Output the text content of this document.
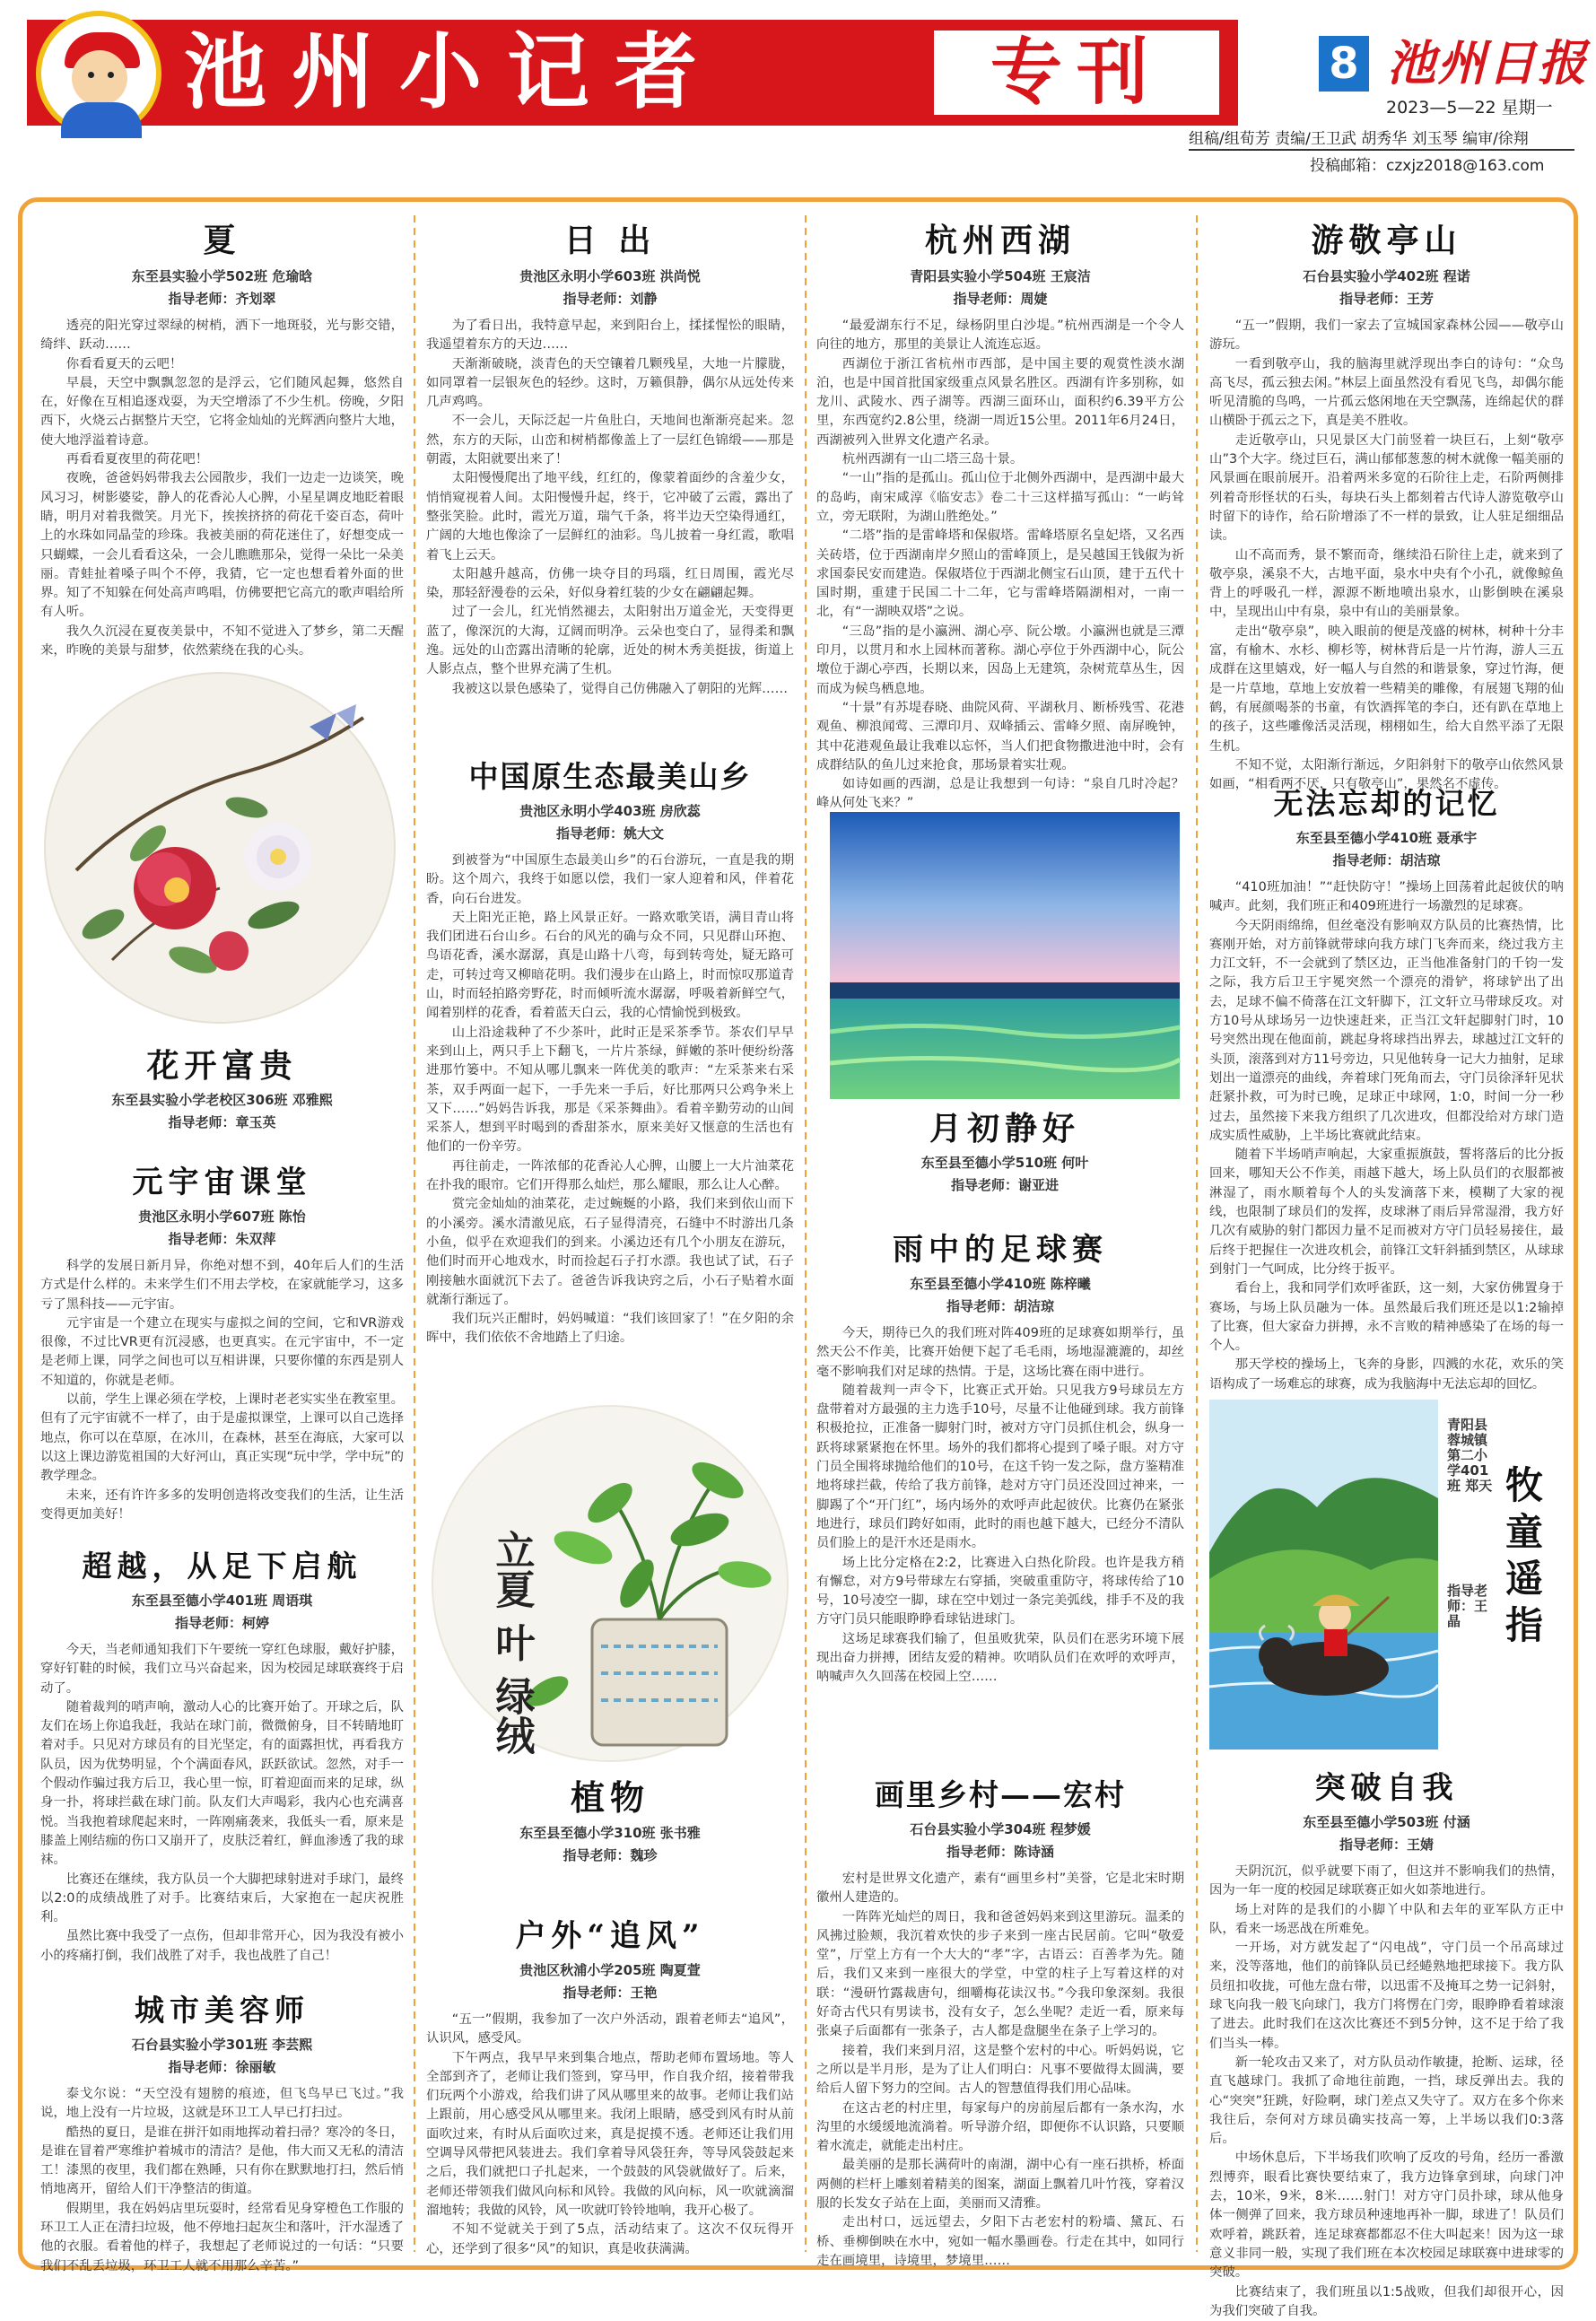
池州小记者	专刊	8 池州日报
2023—5—22 星期一
组稿/组荀芳 责编/王卫武 胡秀华 刘玉琴 编审/徐翔
投稿邮箱：czxjz2018@163.com
夏
东至县实验小学502班 危瑜晗
指导老师：齐划翠

透亮的阳光穿过翠绿的树梢，洒下一地斑驳，光与影交错，绮绊、跃动……

你看看夏天的云吧！

早晨，天空中飘飘忽忽的是浮云，它们随风起舞，悠然自在，好像在互相追逐戏耍，为天空增添了不少生机。傍晚，夕阳西下，火烧云占据整片天空，它将金灿灿的光辉洒向整片大地，使大地浮溢着诗意。

再看看夏夜里的荷花吧！

夜晚，爸爸妈妈带我去公园散步，我们一边走一边谈笑，晚风习习，树影婆娑，静人的花香沁人心脾，小星星调皮地眨着眼睛，明月对着我微笑。月光下，挨挨挤挤的荷花千姿百态，荷叶上的水珠如同晶莹的珍珠。我被美丽的荷花迷住了，好想变成一只蝴蝶，一会儿看看这朵，一会儿瞧瞧那朵，觉得一朵比一朵美丽。青蛙扯着嗓子叫个不停，我猜，它一定也想看着外面的世界。知了不知躲在何处高声鸣唱，仿佛要把它高亢的歌声唱给所有人听。

我久久沉浸在夏夜美景中，不知不觉进入了梦乡，第二天醒来，昨晚的美景与甜梦，依然萦绕在我的心头。

花开富贵
东至县实验小学老校区306班 邓雅熙
指导老师：章玉英
元宇宙课堂
贵池区永明小学607班 陈怡
指导老师：朱双萍

科学的发展日新月异，你绝对想不到，40年后人们的生活方式是什么样的。未来学生们不用去学校，在家就能学习，这多亏了黑科技——元宇宙。

元宇宙是一个建立在现实与虚拟之间的空间，它和VR游戏很像，不过比VR更有沉浸感，也更真实。在元宇宙中，不一定是老师上课，同学之间也可以互相讲课，只要你懂的东西是别人不知道的，你就是老师。

以前，学生上课必须在学校，上课时老老实实坐在教室里。但有了元宇宙就不一样了，由于是虚拟课堂，上课可以自己选择地点，你可以在草原，在冰川，在森林，甚至在海底，大家可以以这上课边游览祖国的大好河山，真正实现“玩中学，学中玩”的教学理念。

未来，还有许许多多的发明创造将改变我们的生活，让生活变得更加美好！

超越，从足下启航
东至县至德小学401班 周语琪
指导老师：柯婷

今天，当老师通知我们下午要统一穿红色球服，戴好护膝，穿好钉鞋的时候，我们立马兴奋起来，因为校园足球联赛终于启动了。

随着裁判的哨声响，激动人心的比赛开始了。开球之后，队友们在场上你追我赶，我站在球门前，微微俯身，目不转睛地盯着对手。只见对方球员有的目光坚定，有的面露担忧，再看我方队员，因为优势明显，个个满面春风，跃跃欲试。忽然，对手一个假动作骗过我方后卫，我心里一惊，盯着迎面而来的足球，纵身一扑，将球拦截在球门前。队友们大声喝彩，我内心也充满喜悦。当我抱着球爬起来时，一阵刚痛袭来，我低头一看，原来是膝盖上刚结痂的伤口又崩开了，皮肤泛着红，鲜血渗透了我的球袜。

比赛还在继续，我方队员一个大脚把球射进对手球门，最终以2:0的成绩战胜了对手。比赛结束后，大家抱在一起庆祝胜利。

虽然比赛中我受了一点伤，但却非常开心，因为我没有被小小的疼痛打倒，我们战胜了对手，我也战胜了自己！

城市美容师
石台县实验小学301班 李芸熙
指导老师：徐丽敏

泰戈尔说：“天空没有翅膀的痕迹，但飞鸟早已飞过。”我说，地上没有一片垃圾，这就是环卫工人早已打扫过。

酷热的夏日，是谁在拼汗如雨地挥动着扫帚？寒冷的冬日，是谁在冒着严寒维护着城市的清洁？是他，伟大而又无私的清洁工！漆黑的夜里，我们都在熟睡，只有你在默默地打扫，然后悄悄地离开，留给人们干净整洁的街道。

假期里，我在妈妈店里玩耍时，经常看见身穿橙色工作服的环卫工人正在清扫垃圾，他不停地扫起灰尘和落叶，汗水湿透了他的衣服。看着他的样子，我想起了老师说过的一句话：“只要我们不乱丢垃圾，环卫工人就不用那么辛苦。”

日 出
贵池区永明小学603班 洪尚悦
指导老师：刘静

为了看日出，我特意早起，来到阳台上，揉揉惺忪的眼睛，我遥望着东方的天边……

天渐渐破晓，淡青色的天空镶着几颗残星，大地一片朦胧，如同罩着一层银灰色的轻纱。这时，万籁俱静，偶尔从远处传来几声鸡鸣。

不一会儿，天际泛起一片鱼肚白，天地间也渐渐亮起来。忽然，东方的天际，山峦和树梢都像盖上了一层红色锦缎——那是朝霞，太阳就要出来了！

太阳慢慢爬出了地平线，红红的，像蒙着面纱的含羞少女，悄悄窥视着人间。太阳慢慢升起，终于，它冲破了云霞，露出了整张笑脸。此时，霞光万道，瑞气千条，将半边天空染得通红，广阔的大地也像涂了一层鲜红的油彩。鸟儿披着一身红霞，歌唱着飞上云天。

太阳越升越高，仿佛一块夺目的玛瑙，红日周围，霞光尽染，那轻舒漫卷的云朵，好似身着红装的少女在翩翩起舞。

过了一会儿，红光悄然褪去，太阳射出万道金光，天变得更蓝了，像深沉的大海，辽阔而明净。云朵也变白了，显得柔和飘逸。远处的山峦露出清晰的轮廓，近处的树木秀美挺拔，街道上人影点点，整个世界充满了生机。

我被这以景色感染了，觉得自己仿佛融入了朝阳的光辉……

中国原生态最美山乡
贵池区永明小学403班 房欣蕊
指导老师：姚大文

到被誉为“中国原生态最美山乡”的石台游玩，一直是我的期盼。这个周六，我终于如愿以偿，我们一家人迎着和风，伴着花香，向石台进发。

天上阳光正艳，路上风景正好。一路欢歌笑语，满目青山将我们团进石台山乡。石台的风光的确与众不同，只见群山环抱、鸟语花香，溪水潺潺，真是山路十八弯，每到转弯处，疑无路可走，可转过弯又柳暗花明。我们漫步在山路上，时而惊叹那道青山，时而轻拍路旁野花，时而倾听流水潺潺，呼吸着新鲜空气，闻着别样的花香，看着蓝天白云，我的心情愉悦到极致。

山上沿途栽种了不少茶叶，此时正是采茶季节。茶农们早早来到山上，两只手上下翻飞，一片片茶绿，鲜嫩的茶叶便纷纷落进那竹篓中。不知从哪儿飘来一阵优美的歌声：“左采茶来右采茶，双手两面一起下，一手先来一手后，好比那两只公鸡争米上又下……”妈妈告诉我，那是《采茶舞曲》。看着辛勤劳动的山间采茶人，想到平时喝到的香甜茶水，原来美好又惬意的生活也有他们的一份辛劳。

再往前走，一阵浓郁的花香沁人心脾，山腰上一大片油菜花在扑我的眼帘。它们开得那么灿烂，那么耀眼，那么让人心醉。

赏完金灿灿的油菜花，走过蜿蜒的小路，我们来到依山而下的小溪旁。溪水清澈见底，石子显得清亮，石缝中不时游出几条小鱼，似乎在欢迎我们的到来。小溪边还有几个小朋友在游玩，他们时而开心地戏水，时而捡起石子打水漂。我也试了试，石子刚接触水面就沉下去了。爸爸告诉我诀窍之后，小石子贴着水面就渐行渐远了。

我们玩兴正酣时，妈妈喊道：“我们该回家了！”在夕阳的余晖中，我们依依不舍地踏上了归途。

立夏 叶 绿绒
植物
东至县至德小学310班 张书雅
指导老师：魏珍
户外“追风”
贵池区秋浦小学205班 陶夏萱
指导老师：王艳

“五一”假期，我参加了一次户外活动，跟着老师去“追风”，认识风，感受风。

下午两点，我早早来到集合地点，帮助老师布置场地。等人全部到齐了，老师让我们签到，穿马甲，作自我介绍，接着带我们玩两个小游戏，给我们讲了风从哪里来的故事。老师让我们站上跟前，用心感受风从哪里来。我闭上眼睛，感受到风有时从前面吹过来，有时从后面吹过来，真是捉摸不透。老师还让我们用空调导风带把风装进去。我们拿着导风袋狂奔，等导风袋鼓起来之后，我们就把口子扎起来，一个鼓鼓的风袋就做好了。后来，老师还带领我们做风向标和风铃。我做的风向标，风一吹就滴溜溜地转；我做的风铃，风一吹就叮铃铃地响，我开心极了。

不知不觉就关于到了5点，活动结束了。这次不仅玩得开心，还学到了很多“风”的知识，真是收获满满。

杭州西湖
青阳县实验小学504班 王宸洁
指导老师：周婕

“最爱湖东行不足，绿杨阴里白沙堤。”杭州西湖是一个令人向往的地方，那里的美景让人流连忘返。

西湖位于浙江省杭州市西部，是中国主要的观赏性淡水湖泊，也是中国首批国家级重点风景名胜区。西湖有许多别称，如龙川、武陵水、西子湖等。西湖三面环山，面积约6.39平方公里，东西宽约2.8公里，绕湖一周近15公里。2011年6月24日，西湖被列入世界文化遗产名录。

杭州西湖有一山二塔三岛十景。

“一山”指的是孤山。孤山位于北侧外西湖中，是西湖中最大的岛屿，南宋咸淳《临安志》卷二十三这样描写孤山：“一屿耸立，旁无联附，为湖山胜绝处。”

“二塔”指的是雷峰塔和保俶塔。雷峰塔原名皇妃塔，又名西关砖塔，位于西湖南岸夕照山的雷峰顶上，是吴越国王钱俶为祈求国泰民安而建造。保俶塔位于西湖北侧宝石山顶，建于五代十国时期，重建于民国二十二年，它与雷峰塔隔湖相对，一南一北，有“一湖映双塔”之说。

“三岛”指的是小瀛洲、湖心亭、阮公墩。小瀛洲也就是三潭印月，以贯月和水上园林而著称。湖心亭位于外西湖中心，阮公墩位于湖心亭西，长期以来，因岛上无建筑，杂树荒草丛生，因而成为候鸟栖息地。

“十景”有苏堤春晓、曲院风荷、平湖秋月、断桥残雪、花港观鱼、柳浪闻莺、三潭印月、双峰插云、雷峰夕照、南屏晚钟，其中花港观鱼最让我难以忘怀，当人们把食物撒进池中时，会有成群结队的鱼儿过来抢食，那场景着实壮观。

如诗如画的西湖，总是让我想到一句诗：“泉自几时冷起？峰从何处飞来？”

月初静好
东至县至德小学510班 何叶
指导老师：谢亚进
雨中的足球赛
东至县至德小学410班 陈梓曦
指导老师：胡洁琼

今天，期待已久的我们班对阵409班的足球赛如期举行，虽然天公不作美，比赛开始便下起了毛毛雨，场地湿漉漉的，却丝毫不影响我们对足球的热情。于是，这场比赛在雨中进行。

随着裁判一声令下，比赛正式开始。只见我方9号球员左方盘带着对方最强的主力选手10号，尽量不让他碰到球。我方前锋积极抢拉，正准备一脚射门时，被对方守门员抓住机会，纵身一跃将球紧紧抱在怀里。场外的我们都将心提到了嗓子眼。对方守门员全围将球抛给他们的10号，在这千钧一发之际，盘方鉴精准地将球拦截，传给了我方前锋，趁对方守门员还没回过神来，一脚踢了个“开门红”，场内场外的欢呼声此起彼伏。比赛仍在紧张地进行，球员们跨好如雨，此时的雨也越下越大，已经分不清队员们脸上的是汗水还是雨水。

场上比分定格在2:2，比赛进入白热化阶段。也许是我方稍有懈怠，对方9号带球左右穿插，突破重重防守，将球传给了10号，10号凌空一脚，球在空中划过一条完美弧线，排手不及的我方守门员只能眼睁睁看球钻进球门。

这场足球赛我们输了，但虽败犹荣，队员们在恶劣环境下展现出奋力拼搏，团结友爱的精神。吹哨队员们在欢呼的欢呼声，呐喊声久久回荡在校园上空……

画里乡村——宏村
石台县实验小学304班 程梦媛
指导老师：陈诗涵

宏村是世界文化遗产，素有“画里乡村”美誉，它是北宋时期徽州人建造的。

一阵阵光灿烂的周日，我和爸爸妈妈来到这里游玩。温柔的风拂过脸颊，我沉着欢快的步子来到一座古民居前。它叫“敬爱堂”，厅堂上方有一个大大的“孝”字，古语云：百善孝为先。随后，我们又来到一座很大的学堂，中堂的柱子上写着这样的对联：“漫研竹露裁唐句，细嚼梅花读汉书。”今我印象深刻。我很好奇古代只有男读书，没有女子，怎么坐呢？走近一看，原来每张桌子后面都有一张条子，古人都是盘腿坐在条子上学习的。

接着，我们来到月沼，这是整个宏村的中心。听妈妈说，它之所以是半月形，是为了让人们明白：凡事不要做得太圆满，要给后人留下努力的空间。古人的智慧值得我们用心品味。

在这古老的村庄里，每家每户的房前屋后都有一条水沟，水沟里的水缓缓地流淌着。听导游介绍，即便你不认识路，只要顺着水流走，就能走出村庄。

最美丽的是那长满荷叶的南湖，湖中心有一座石拱桥，桥面两侧的栏杆上雕刻着精美的图案，湖面上飘着几叶竹筏，穿着汉服的长发女子站在上面，美丽而又清雅。

走出村口，远远望去，夕阳下古老宏村的粉墙、黛瓦、石桥、垂柳倒映在水中，宛如一幅水墨画卷。行走在其中，如同行走在画境里，诗境里，梦境里……

游敬亭山
石台县实验小学402班 程诺
指导老师：王芳

“五一”假期，我们一家去了宣城国家森林公园——敬亭山游玩。

一看到敬亭山，我的脑海里就浮现出李白的诗句：“众鸟高飞尽，孤云独去闲。”林层上面虽然没有看见飞鸟，却偶尔能听见清脆的鸟鸣，一片孤云悠闲地在天空飘荡，连绵起伏的群山横卧于孤云之下，真是美不胜收。

走近敬亭山，只见景区大门前竖着一块巨石，上刻“敬亭山”3个大字。绕过巨石，满山郁郁葱葱的树木就像一幅美丽的风景画在眼前展开。沿着两米多宽的石阶往上走，石阶两侧排列着奇形怪状的石头，每块石头上都刻着古代诗人游览敬亭山时留下的诗作，给石阶增添了不一样的景致，让人驻足细细品读。

山不高而秀，景不繁而奇，继续沿石阶往上走，就来到了敬亭泉，溪泉不大，古地平面，泉水中央有个小孔，就像鲸鱼背上的呼吸孔一样，源源不断地喷出泉水，山影倒映在溪泉中，呈现出山中有泉，泉中有山的美丽景象。

走出“敬亭泉”，映入眼前的便是茂盛的树林，树种十分丰富，有榆木、水杉、柳杉等，树林背后是一片竹海，游人三五成群在这里嬉戏，好一幅人与自然的和谐景象，穿过竹海，便是一片草地，草地上安放着一些精美的雕像，有展翅飞翔的仙鹤，有展颜喝茶的书童，有饮酒挥笔的李白，还有趴在草地上的孩子，这些雕像活灵活现，栩栩如生，给大自然平添了无限生机。

不知不觉，太阳渐行渐远，夕阳斜射下的敬亭山依然风景如画，“相看两不厌，只有敬亭山”，果然名不虚传。

无法忘却的记忆
东至县至德小学410班 聂承宇
指导老师：胡洁琼

“410班加油！”“赶快防守！”操场上回荡着此起彼伏的呐喊声。此刻，我们班正和409班进行一场激烈的足球赛。

今天阴雨绵绵，但丝毫没有影响双方队员的比赛热情，比赛刚开始，对方前锋就带球向我方球门飞奔而来，绕过我方主力江文轩，不一会就到了禁区边，正当他准备射门的千钧一发之际，我方后卫王宇冕突然一个漂亮的滑铲，将球铲出了出去，足球不偏不倚落在江文轩脚下，江文轩立马带球反攻。对方10号从球场另一边快速赶来，正当江文轩起脚射门时，10号突然出现在他面前，跳起身将球挡出界去，球越过江文轩的头顶，滚落到对方11号旁边，只见他转身一记大力抽射，足球划出一道漂亮的曲线，奔着球门死角而去，守门员徐泽轩见状赶紧扑救，可为时已晚，足球正中球网，1:0，时间一分一秒过去，虽然接下来我方组织了几次进攻，但都没给对方球门造成实质性威胁，上半场比赛就此结束。

随着下半场哨声响起，大家重振旗鼓，誓将落后的比分扳回来，哪知天公不作美，雨越下越大，场上队员们的衣服都被淋湿了，雨水顺着每个人的头发滴落下来，模糊了大家的视线，也限制了球员们的发挥，皮球淋了雨后异常湿滑，我方好几次有威胁的射门都因力量不足而被对方守门员轻易接住，最后终于把握住一次进攻机会，前锋江文轩斜插到禁区，从球球到射门一气呵成，比分终于扳平。

看台上，我和同学们欢呼雀跃，这一刻，大家仿佛置身于赛场，与场上队员融为一体。虽然最后我们班还是以1:2输掉了比赛，但大家奋力拼搏，永不言败的精神感染了在场的每一个人。

那天学校的操场上，飞奔的身影，四溅的水花，欢乐的笑语构成了一场难忘的球赛，成为我脑海中无法忘却的回忆。

青阳县蓉城镇第二小学401班 郑天
指导老师：王晶
牧童遥指
突破自我
东至县至德小学503班 付涵
指导老师：王婧

天阴沉沉，似乎就要下雨了，但这并不影响我们的热情，因为一年一度的校园足球联赛正如火如荼地进行。

场上对阵的是我们的小脚丫中队和去年的亚军队方正中队，看来一场恶战在所难免。

一开场，对方就发起了“闪电战”，守门员一个吊高球过来，没等落地，他们的前锋队员已经蜷熟地把球接下。我方队员纽扣收拢，可他左盘右带，以迅雷不及掩耳之势一记斜射，球飞向我一般飞向球门，我方门将愣在门旁，眼睁睁看着球滚了进去。此时我们在这次比赛还不到5分钟，这不足于给了我们当头一棒。

新一轮攻击又来了，对方队员动作敏捷，抢断、运球，径直飞越球门。我抓了命地往前跑，一挡，球反弹出去。我的心“突突”狂跳，好险啊，球门差点又失守了。双方在多个你来我往后，奈何对方球员确实技高一筹，上半场以我们0:3落后。

中场休息后，下半场我们吹响了反攻的号角，经历一番激烈博弈，眼看比赛快要结束了，我方边锋拿到球，向球门冲去，10米，9米，8米……射门！对方守门员扑球，球从他身体一侧弹了回来，我方球员种速地再补一脚，球进了！队员们欢呼着，跳跃着，连足球赛都都忍不住大叫起来！因为这一球意义非同一般，实现了我们班在本次校园足球联赛中进球零的突破。

比赛结束了，我们班虽以1:5战败，但我们却很开心，因为我们突破了自我。
